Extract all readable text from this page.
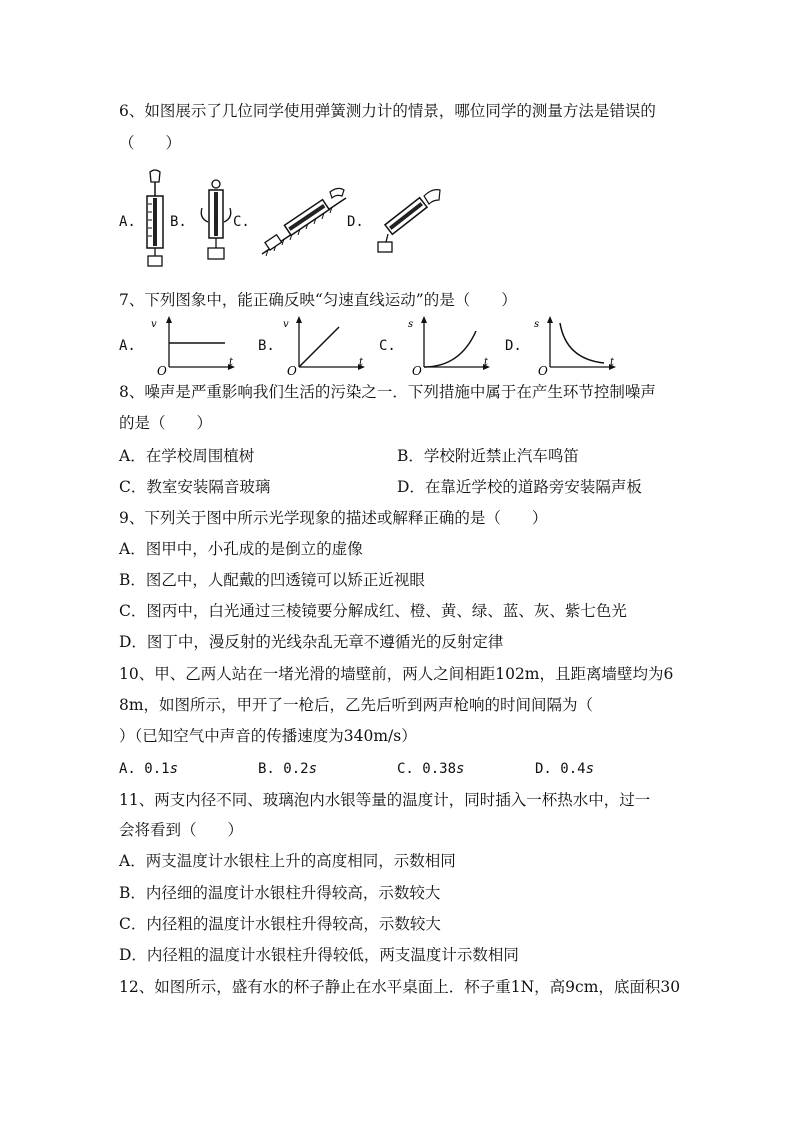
6、如图展示了几位同学使用弹簧测力计的情景，哪位同学的测量方法是错误的
（　　）
A. B.	C.	D.
7、下列图象中，能正确反映“匀速直线运动”的是（　　）
A.	B.	C.	D.
v
t
O
v
t
O
s
t
O
s
t
O
8、噪声是严重影响我们生活的污染之一．下列措施中属于在产生环节控制噪声
的是（　　）
A．在学校周围植树	B．学校附近禁止汽车鸣笛
C．教室安装隔音玻璃	D．在靠近学校的道路旁安装隔声板
9、下列关于图中所示光学现象的描述或解释正确的是（　　）
A．图甲中，小孔成的是倒立的虚像
B．图乙中，人配戴的凹透镜可以矫正近视眼
C．图丙中，白光通过三棱镜要分解成红、橙、黄、绿、蓝、灰、紫七色光
D．图丁中，漫反射的光线杂乱无章不遵循光的反射定律
10、甲、乙两人站在一堵光滑的墙壁前，两人之间相距102m，且距离墙壁均为6
8m，如图所示，甲开了一枪后，乙先后听到两声枪响的时间间隔为（
）（已知空气中声音的传播速度为340m/s）
A. 0.1s	B. 0.2s	C. 0.38s	D. 0.4s
11、两支内径不同、玻璃泡内水银等量的温度计，同时插入一杯热水中，过一
会将看到（　　）
A．两支温度计水银柱上升的高度相同，示数相同
B．内径细的温度计水银柱升得较高，示数较大
C．内径粗的温度计水银柱升得较高，示数较大
D．内径粗的温度计水银柱升得较低，两支温度计示数相同
12、如图所示，盛有水的杯子静止在水平桌面上．杯子重1N，高9cm，底面积30
